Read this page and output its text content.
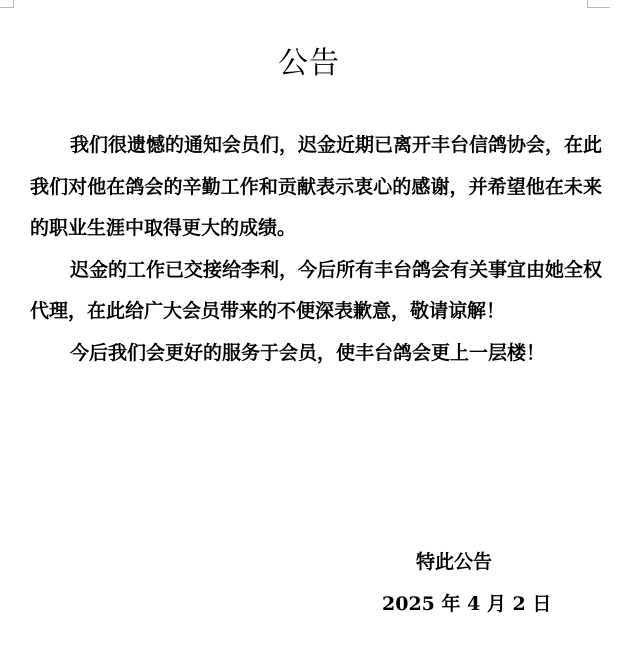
公告

我们很遗憾的通知会员们，迟金近期已离开丰台信鸽协会，在此我们对他在鸽会的辛勤工作和贡献表示衷心的感谢，并希望他在未来的职业生涯中取得更大的成绩。

迟金的工作已交接给李利，今后所有丰台鸽会有关事宜由她全权代理，在此给广大会员带来的不便深表歉意，敬请谅解！

今后我们会更好的服务于会员，使丰台鸽会更上一层楼！

特此公告
2025 年 4 月 2 日
